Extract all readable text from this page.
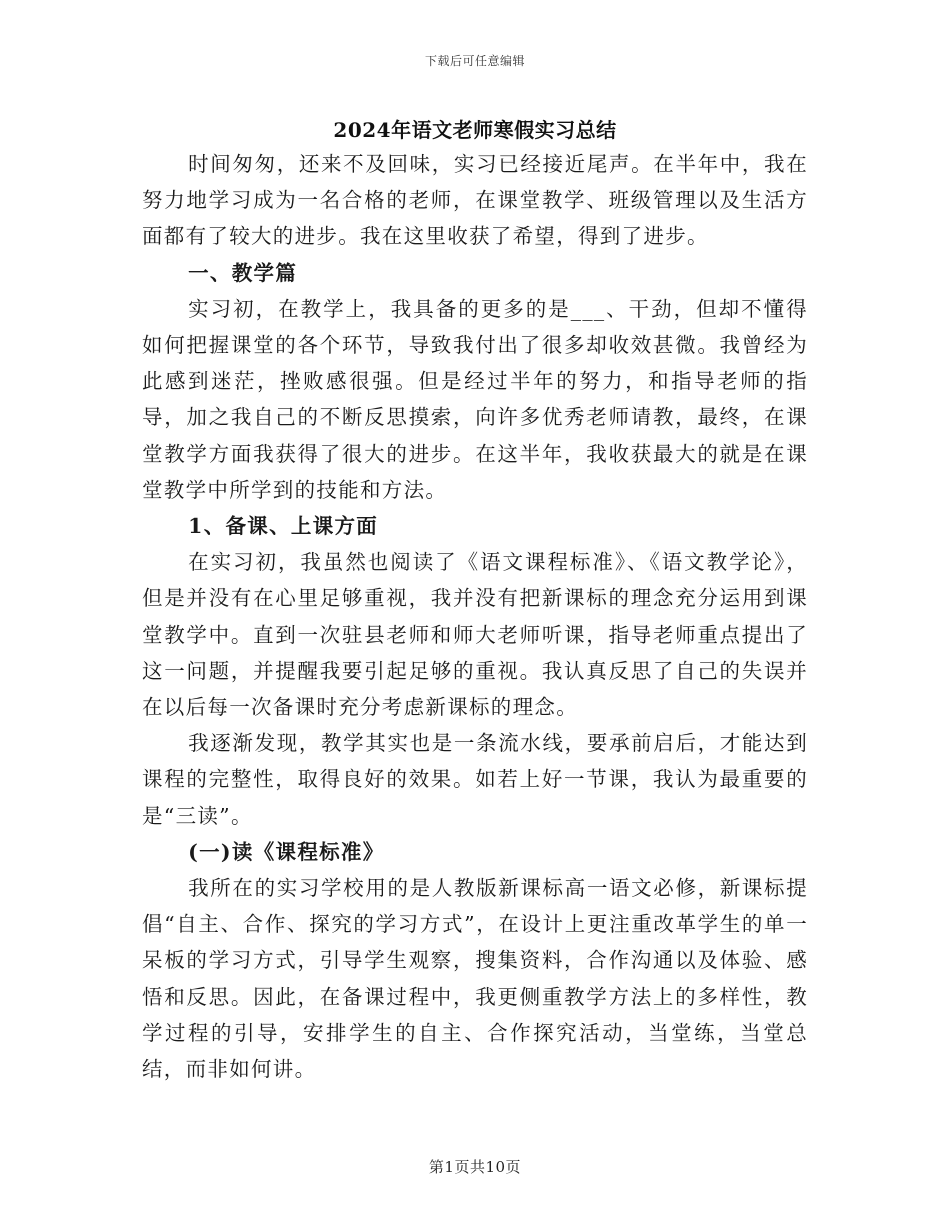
下载后可任意编辑
2024年语文老师寒假实习总结

时间匆匆，还来不及回味，实习已经接近尾声。在半年中，我在努力地学习成为一名合格的老师，在课堂教学、班级管理以及生活方面都有了较大的进步。我在这里收获了希望，得到了进步。

一、教学篇

实习初，在教学上，我具备的更多的是___、干劲，但却不懂得如何把握课堂的各个环节，导致我付出了很多却收效甚微。我曾经为此感到迷茫，挫败感很强。但是经过半年的努力，和指导老师的指导，加之我自己的不断反思摸索，向许多优秀老师请教，最终，在课堂教学方面我获得了很大的进步。在这半年，我收获最大的就是在课堂教学中所学到的技能和方法。

1、备课、上课方面

在实习初，我虽然也阅读了《语文课程标准》、《语文教学论》，但是并没有在心里足够重视，我并没有把新课标的理念充分运用到课堂教学中。直到一次驻县老师和师大老师听课，指导老师重点提出了这一问题，并提醒我要引起足够的重视。我认真反思了自己的失误并在以后每一次备课时充分考虑新课标的理念。

我逐渐发现，教学其实也是一条流水线，要承前启后，才能达到课程的完整性，取得良好的效果。如若上好一节课，我认为最重要的是“三读”。

(一)读《课程标准》

我所在的实习学校用的是人教版新课标高一语文必修，新课标提倡“自主、合作、探究的学习方式”，在设计上更注重改革学生的单一呆板的学习方式，引导学生观察，搜集资料，合作沟通以及体验、感悟和反思。因此，在备课过程中，我更侧重教学方法上的多样性，教学过程的引导，安排学生的自主、合作探究活动，当堂练，当堂总结，而非如何讲。

第1页共10页
